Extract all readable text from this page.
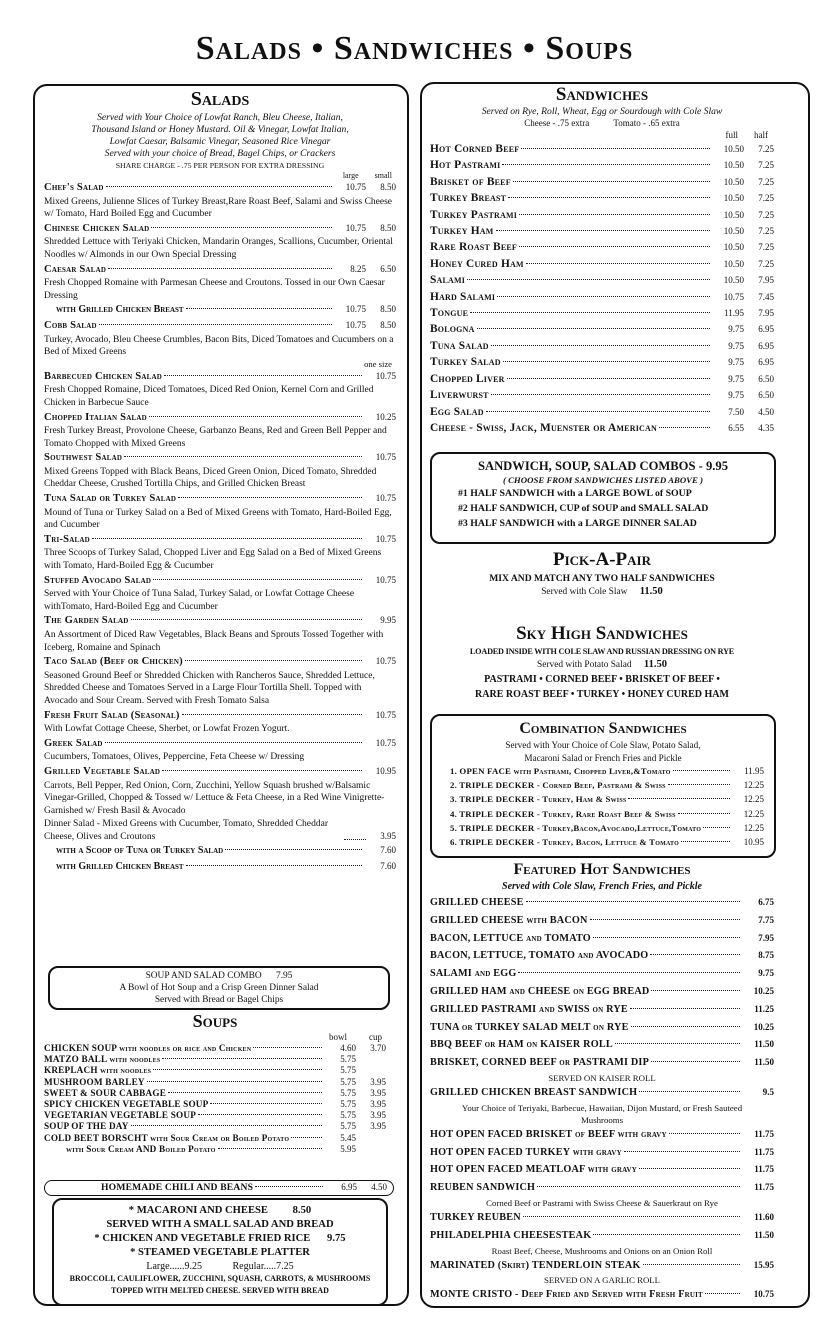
Salads • Sandwiches • Soups
Salads
Served with Your Choice of Lowfat Ranch, Bleu Cheese, Italian,
Thousand Island or Honey Mustard. Oil & Vinegar, Lowfat Italian,
Lowfat Caesar, Balsamic Vinegar, Seasoned Rice Vinegar
Served with your choice of Bread, Bagel Chips, or Crackers
SHARE CHARGE - .75 PER PERSON FOR EXTRA DRESSING
large small
Chef's Salad	10.75	8.50
Mixed Greens, Julienne Slices of Turkey Breast,Rare Roast Beef, Salami and Swiss Cheese w/ Tomato, Hard Boiled Egg and Cucumber
Chinese Chicken Salad	10.75	8.50
Shredded Lettuce with Teriyaki Chicken, Mandarin Oranges, Scallions, Cucumber, Oriental Noodles w/ Almonds in our Own Special Dressing
Caesar Salad	8.25	6.50
Fresh Chopped Romaine with Parmesan Cheese and Croutons. Tossed in our Own Caesar Dressing
with Grilled Chicken Breast	10.75	8.50
Cobb Salad	10.75	8.50
Turkey, Avocado, Bleu Cheese Crumbles, Bacon Bits, Diced Tomatoes and Cucumbers on a Bed of Mixed Greens
one size
Barbecued Chicken Salad	10.75
Fresh Chopped Romaine, Diced Tomatoes, Diced Red Onion, Kernel Corn and Grilled Chicken in Barbecue Sauce
Chopped Italian Salad	10.25
Fresh Turkey Breast, Provolone Cheese, Garbanzo Beans, Red and Green Bell Pepper and Tomato Chopped with Mixed Greens
Southwest Salad	10.75
Mixed Greens Topped with Black Beans, Diced Green Onion, Diced Tomato, Shredded Cheddar Cheese, Crushed Tortilla Chips, and Grilled Chicken Breast
Tuna Salad or Turkey Salad	10.75
Mound of Tuna or Turkey Salad on a Bed of Mixed Greens with Tomato, Hard-Boiled Egg, and Cucumber
Tri-Salad	10.75
Three Scoops of Turkey Salad, Chopped Liver and Egg Salad on a Bed of Mixed Greens with Tomato, Hard-Boiled Egg & Cucumber
Stuffed Avocado Salad	10.75
Served with Your Choice of Tuna Salad, Turkey Salad, or Lowfat Cottage Cheese withTomato, Hard-Boiled Egg and Cucumber
The Garden Salad	9.95
An Assortment of Diced Raw Vegetables, Black Beans and Sprouts Tossed Together with Iceberg, Romaine and Spinach
Taco Salad (Beef or Chicken)	10.75
Seasoned Ground Beef or Shredded Chicken with Rancheros Sauce, Shredded Lettuce, Shredded Cheese and Tomatoes Served in a Large Flour Tortilla Shell. Topped with Avocado and Sour Cream. Served with Fresh Tomato Salsa
Fresh Fruit Salad (Seasonal)	10.75
With Lowfat Cottage Cheese, Sherbet, or Lowfat Frozen Yogurt.
Greek Salad	10.75
Cucumbers, Tomatoes, Olives, Peppercine, Feta Cheese w/ Dressing
Grilled Vegetable Salad	10.95
Carrots, Bell Pepper, Red Onion, Corn, Zucchini, Yellow Squash brushed w/Balsamic Vinegar-Grilled, Chopped & Tossed w/ Lettuce & Feta Cheese, in a Red Wine Vinigrette-Garnished w/ Fresh Basil & Avocado
Dinner Salad - Mixed Greens with Cucumber, Tomato, Shredded Cheddar Cheese, Olives and Croutons	3.95
with a Scoop of Tuna or Turkey Salad	7.60
with Grilled Chicken Breast	7.60
SOUP AND SALAD COMBO 7.95
A Bowl of Hot Soup and a Crisp Green Dinner Salad
Served with Bread or Bagel Chips
Soups
bowl cup
CHICKEN SOUP with noodles or rice and Chicken	4.60	3.70
MATZO BALL with noodles	5.75
KREPLACH with noodles	5.75
MUSHROOM BARLEY	5.75	3.95
SWEET & SOUR CABBAGE	5.75	3.95
SPICY CHICKEN VEGETABLE SOUP	5.75	3.95
VEGETARIAN VEGETABLE SOUP	5.75	3.95
SOUP OF THE DAY	5.75	3.95
COLD BEET BORSCHT with Sour Cream or Boiled Potato	5.45
with Sour Cream AND Boiled Potato	5.95
HOMEMADE CHILI AND BEANS	6.95	4.50
* MACARONI AND CHEESE 8.50
SERVED WITH A SMALL SALAD AND BREAD
* CHICKEN AND VEGETABLE FRIED RICE 9.75
* STEAMED VEGETABLE PLATTER
Large......9.25	Regular.....7.25
BROCCOLI, CAULIFLOWER, ZUCCHINI, SQUASH, CARROTS, & MUSHROOMS
TOPPED WITH MELTED CHEESE. SERVED WITH BREAD
Sandwiches
Served on Rye, Roll, Wheat, Egg or Sourdough with Cole Slaw
Cheese - .75 extra	Tomato - .65 extra
full half
Hot Corned Beef	10.50	7.25
Hot Pastrami	10.50	7.25
Brisket of Beef	10.50	7.25
Turkey Breast	10.50	7.25
Turkey Pastrami	10.50	7.25
Turkey Ham	10.50	7.25
Rare Roast Beef	10.50	7.25
Honey Cured Ham	10.50	7.25
Salami	10.50	7.95
Hard Salami	10.75	7.45
Tongue	11.95	7.95
Bologna	9.75	6.95
Tuna Salad	9.75	6.95
Turkey Salad	9.75	6.95
Chopped Liver	9.75	6.50
Liverwurst	9.75	6.50
Egg Salad	7.50	4.50
Cheese - Swiss, Jack, Muenster or American	6.55	4.35
SANDWICH, SOUP, SALAD COMBOS - 9.95
( CHOOSE FROM SANDWICHES LISTED ABOVE )
#1 HALF SANDWICH with a LARGE BOWL of SOUP
#2 HALF SANDWICH, CUP of SOUP and SMALL SALAD
#3 HALF SANDWICH with a LARGE DINNER SALAD
Pick-A-Pair
MIX AND MATCH ANY TWO HALF SANDWICHES
Served with Cole Slaw 11.50
Sky High Sandwiches
LOADED INSIDE WITH COLE SLAW AND RUSSIAN DRESSING ON RYE
Served with Potato Salad 11.50
PASTRAMI • CORNED BEEF • BRISKET OF BEEF •
RARE ROAST BEEF • TURKEY • HONEY CURED HAM
Combination Sandwiches
Served with Your Choice of Cole Slaw, Potato Salad,
Macaroni Salad or French Fries and Pickle
1. OPEN FACE with Pastrami, Chopped Liver,&Tomato	11.95
2. TRIPLE DECKER - Corned Beef, Pastrami & Swiss	12.25
3. TRIPLE DECKER - Turkey, Ham & Swiss	12.25
4. TRIPLE DECKER - Turkey, Rare Roast Beef & Swiss	12.25
5. TRIPLE DECKER - Turkey,Bacon,Avocado,Lettuce,Tomato	12.25
6. TRIPLE DECKER - Turkey, Bacon, Lettuce & Tomato	10.95
Featured Hot Sandwiches
Served with Cole Slaw, French Fries, and Pickle
GRILLED CHEESE	6.75
GRILLED CHEESE with BACON	7.75
BACON, LETTUCE and TOMATO	7.95
BACON, LETTUCE, TOMATO and AVOCADO	8.75
SALAMI and EGG	9.75
GRILLED HAM and CHEESE on EGG BREAD	10.25
GRILLED PASTRAMI and SWISS on RYE	11.25
TUNA or TURKEY SALAD MELT on RYE	10.25
BBQ BEEF or HAM on KAISER ROLL	11.50
BRISKET, CORNED BEEF or PASTRAMI DIP	11.50
SERVED ON KAISER ROLL
GRILLED CHICKEN BREAST SANDWICH	9.5
Your Choice of Teriyaki, Barbecue, Hawaiian, Dijon Mustard, or Fresh Sauteed Mushrooms
HOT OPEN FACED BRISKET of BEEF with gravy	11.75
HOT OPEN FACED TURKEY with gravy	11.75
HOT OPEN FACED MEATLOAF with gravy	11.75
REUBEN SANDWICH	11.75
Corned Beef or Pastrami with Swiss Cheese & Sauerkraut on Rye
TURKEY REUBEN	11.60
PHILADELPHIA CHEESESTEAK	11.50
Roast Beef, Cheese, Mushrooms and Onions on an Onion Roll
MARINATED (Skirt) TENDERLOIN STEAK	15.95
SERVED ON A GARLIC ROLL
MONTE CRISTO - Deep Fried and Served with Fresh Fruit	10.75
